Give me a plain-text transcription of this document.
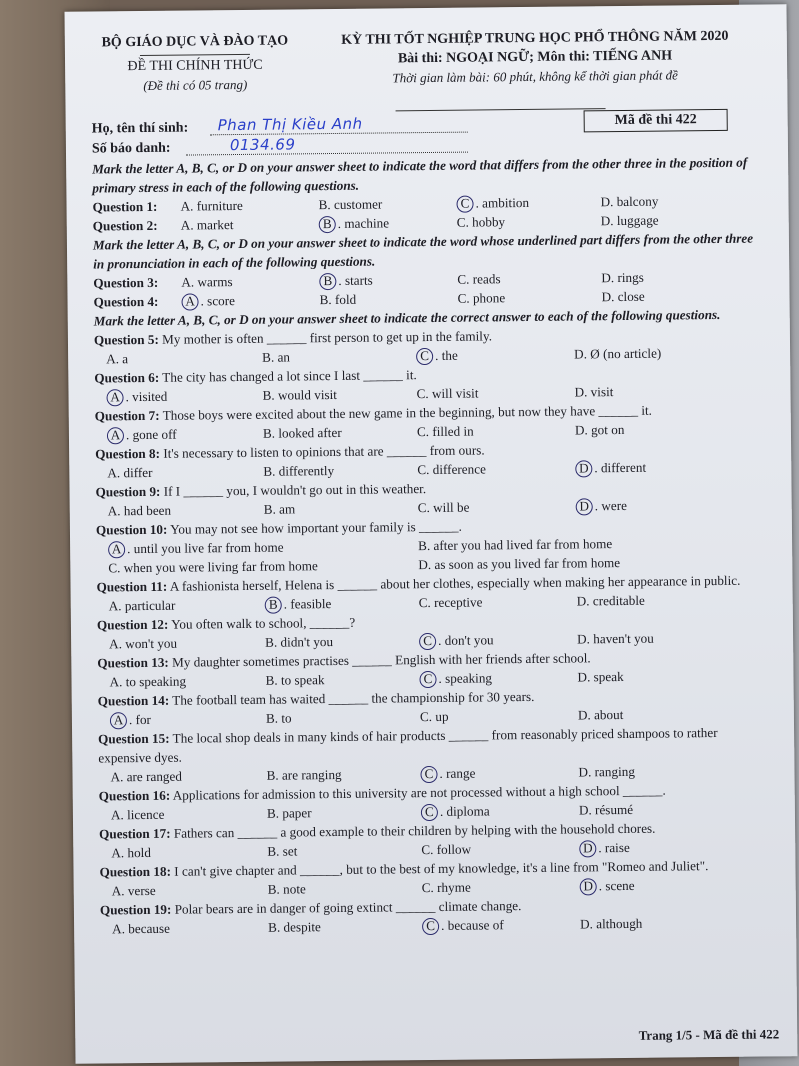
BỘ GIÁO DỤC VÀ ĐÀO TẠO
ĐỀ THI CHÍNH THỨC
(Đề thi có 05 trang)
KỲ THI TỐT NGHIỆP TRUNG HỌC PHỔ THÔNG NĂM 2020
Bài thi: NGOẠI NGỮ; Môn thi: TIẾNG ANH
Thời gian làm bài: 60 phút, không kể thời gian phát đề
Họ, tên thí sinh: Phan Thị Kiều Anh
Số báo danh:	0134.69
Mã đề thi 422
Mark the letter A, B, C, or D on your answer sheet to indicate the word that differs from the other three in the position of primary stress in each of the following questions.
Question 1: A. furniture	B. customer	C . ambition	D. balcony
Question 2: A. market	B . machine	C. hobby	D. luggage
Mark the letter A, B, C, or D on your answer sheet to indicate the word whose underlined part differs from the other three in pronunciation in each of the following questions.
Question 3: A. warms	B . starts	C. reads	D. rings
Question 4: A . score	B. fold	C. phone	D. close
Mark the letter A, B, C, or D on your answer sheet to indicate the correct answer to each of the following questions.
Question 5: My mother is often ______ first person to get up in the family.
A. a	B. an	C . the	D. Ø (no article)
Question 6: The city has changed a lot since I last ______ it.
A . visited	B. would visit	C. will visit	D. visit
Question 7: Those boys were excited about the new game in the beginning, but now they have ______ it.
A . gone off	B. looked after	C. filled in	D. got on
Question 8: It's necessary to listen to opinions that are ______ from ours.
A. differ	B. differently	C. difference	D . different
Question 9: If I ______ you, I wouldn't go out in this weather.
A. had been	B. am	C. will be	D . were
Question 10: You may not see how important your family is ______.
A . until you live far from home	B. after you had lived far from home
C. when you were living far from home	D. as soon as you lived far from home
Question 11: A fashionista herself, Helena is ______ about her clothes, especially when making her appearance in public.
A. particular	B . feasible	C. receptive	D. creditable
Question 12: You often walk to school, ______?
A. won't you	B. didn't you	C . don't you	D. haven't you
Question 13: My daughter sometimes practises ______ English with her friends after school.
A. to speaking	B. to speak	C . speaking	D. speak
Question 14: The football team has waited ______ the championship for 30 years.
A . for	B. to	C. up	D. about
Question 15: The local shop deals in many kinds of hair products ______ from reasonably priced shampoos to rather expensive dyes.
A. are ranged	B. are ranging	C . range	D. ranging
Question 16: Applications for admission to this university are not processed without a high school ______.
A. licence	B. paper	C . diploma	D. résumé
Question 17: Fathers can ______ a good example to their children by helping with the household chores.
A. hold	B. set	C. follow	D . raise
Question 18: I can't give chapter and ______, but to the best of my knowledge, it's a line from "Romeo and Juliet".
A. verse	B. note	C. rhyme	D . scene
Question 19: Polar bears are in danger of going extinct ______ climate change.
A. because	B. despite	C . because of	D. although
Trang 1/5 - Mã đề thi 422
